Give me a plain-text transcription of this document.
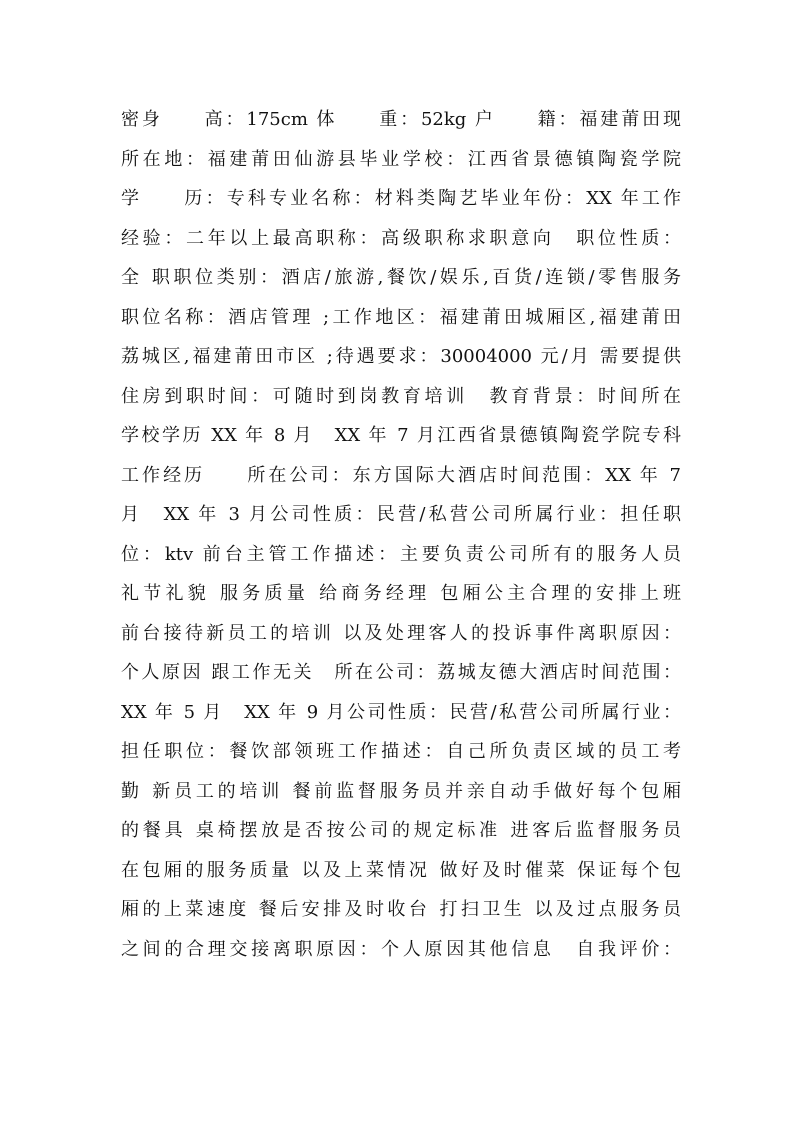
密身　　高：175cm 体　　重：52kg 户　　籍：福建莆田现
所在地：福建莆田仙游县毕业学校：江西省景德镇陶瓷学院
学　　历：专科专业名称：材料类陶艺毕业年份：XX 年工作
经验：二年以上最高职称：高级职称求职意向　职位性质：
全 职职位类别：酒店/旅游,餐饮/娱乐,百货/连锁/零售服务
职位名称：酒店管理 ;工作地区：福建莆田城厢区,福建莆田
荔城区,福建莆田市区 ;待遇要求：30004000 元/月 需要提供
住房到职时间：可随时到岗教育培训　教育背景：时间所在
学校学历 XX 年 8 月　XX 年 7 月江西省景德镇陶瓷学院专科
工作经历　　所在公司：东方国际大酒店时间范围：XX 年 7
月　XX 年 3 月公司性质：民营/私营公司所属行业：担任职
位：ktv 前台主管工作描述：主要负责公司所有的服务人员
礼节礼貌 服务质量 给商务经理 包厢公主合理的安排上班
前台接待新员工的培训 以及处理客人的投诉事件离职原因：
个人原因 跟工作无关　所在公司：荔城友德大酒店时间范围：
XX 年 5 月　XX 年 9 月公司性质：民营/私营公司所属行业：
担任职位：餐饮部领班工作描述：自己所负责区域的员工考
勤 新员工的培训 餐前监督服务员并亲自动手做好每个包厢
的餐具 桌椅摆放是否按公司的规定标准 进客后监督服务员
在包厢的服务质量 以及上菜情况 做好及时催菜 保证每个包
厢的上菜速度 餐后安排及时收台 打扫卫生 以及过点服务员
之间的合理交接离职原因：个人原因其他信息　自我评价：
